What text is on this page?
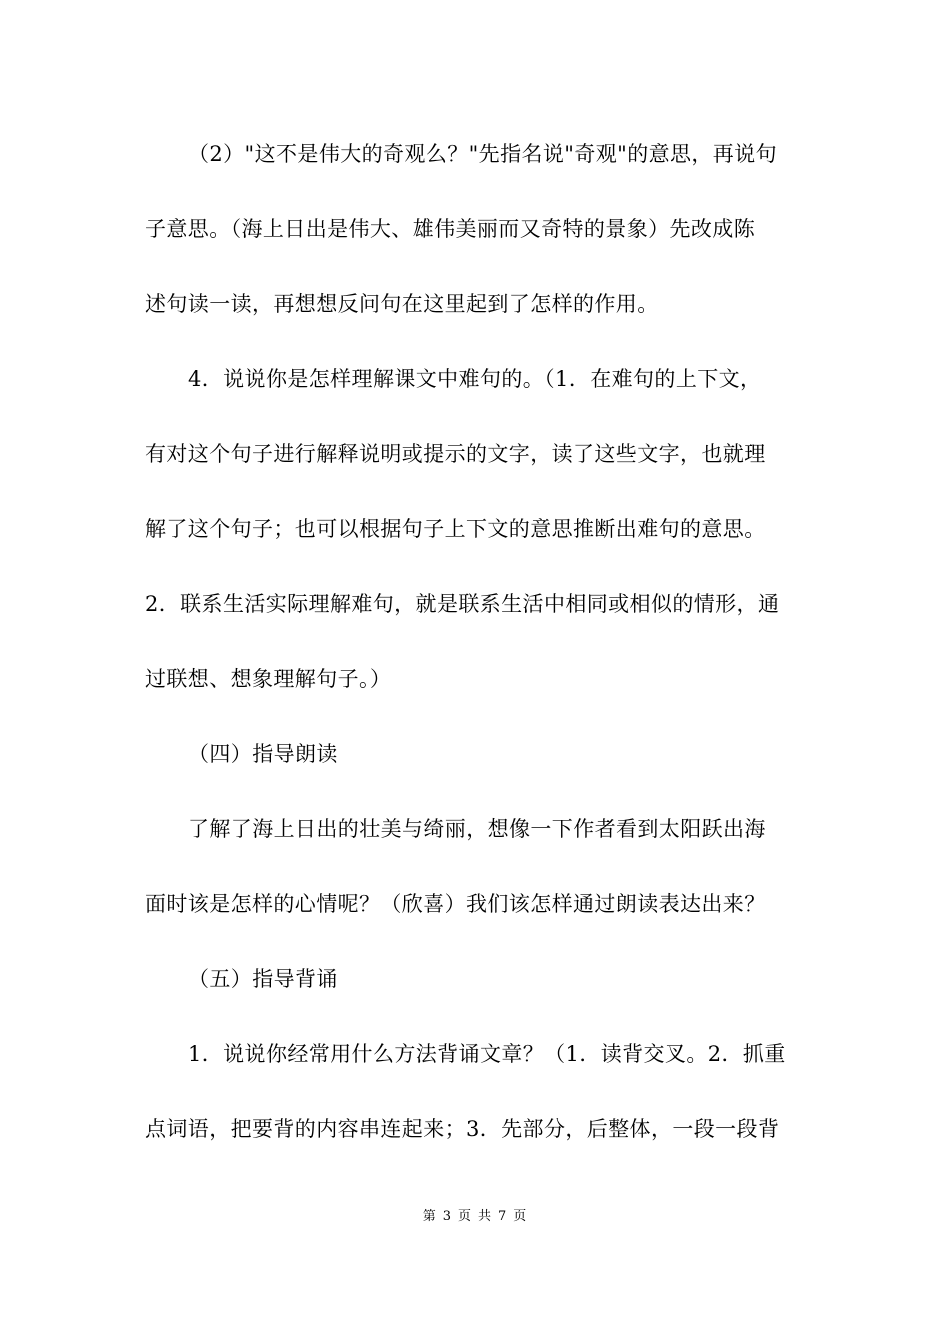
（2）"这不是伟大的奇观么？"先指名说"奇观"的意思，再说句
子意思。（海上日出是伟大、雄伟美丽而又奇特的景象）先改成陈
述句读一读，再想想反问句在这里起到了怎样的作用。
4．说说你是怎样理解课文中难句的。（1．在难句的上下文，
有对这个句子进行解释说明或提示的文字，读了这些文字，也就理
解了这个句子；也可以根据句子上下文的意思推断出难句的意思。
2．联系生活实际理解难句，就是联系生活中相同或相似的情形，通
过联想、想象理解句子。）
（四）指导朗读
了解了海上日出的壮美与绮丽，想像一下作者看到太阳跃出海
面时该是怎样的心情呢？（欣喜）我们该怎样通过朗读表达出来？
（五）指导背诵
1．说说你经常用什么方法背诵文章？（1．读背交叉。2．抓重
点词语，把要背的内容串连起来；3．先部分，后整体，一段一段背
第 3 页 共 7 页
